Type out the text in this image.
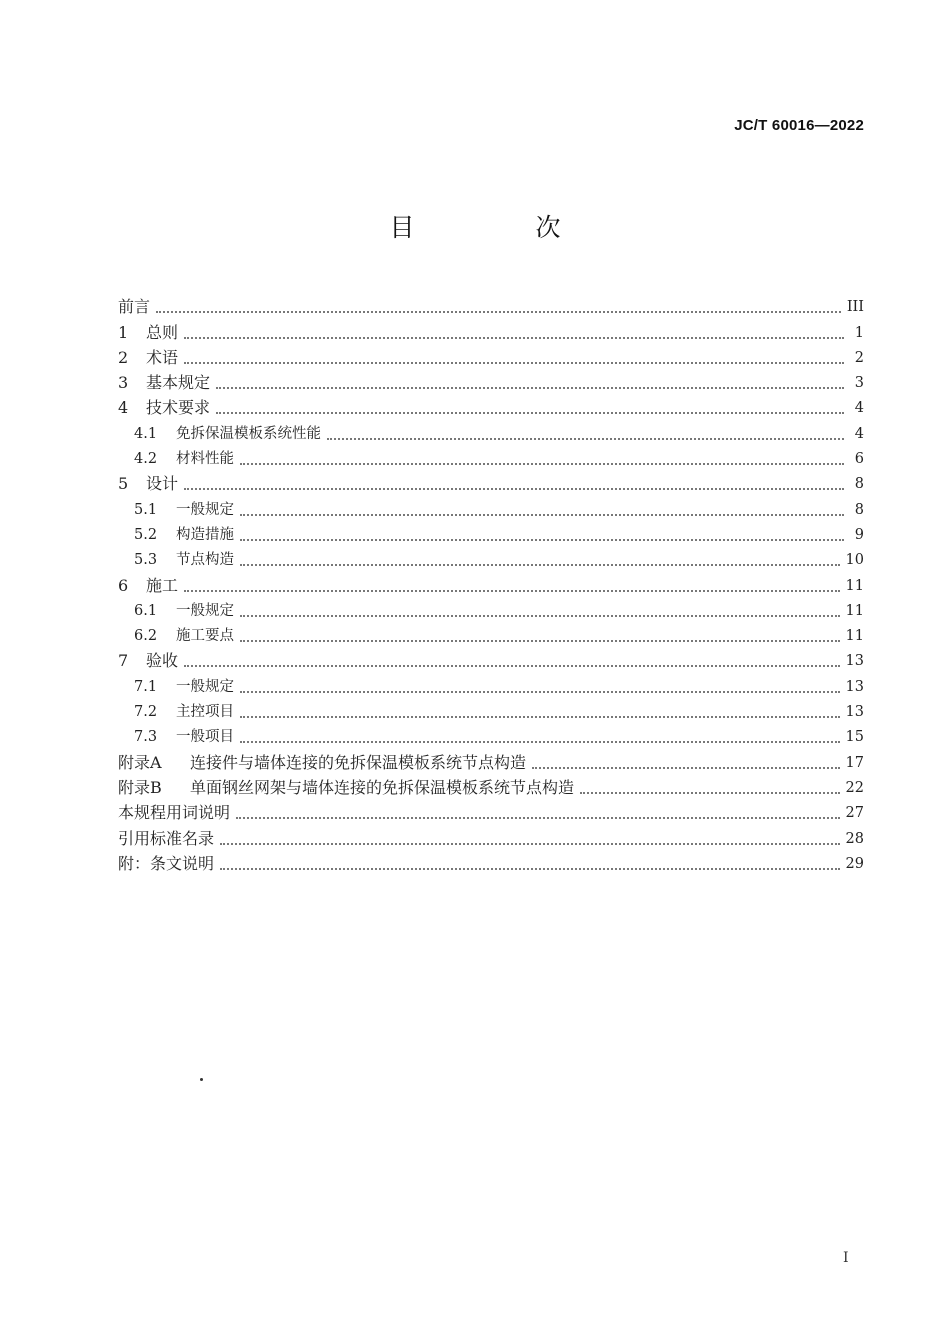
JC/T 60016—2022
目　次
前言	III
1	总则	1
2	术语	2
3	基本规定	3
4	技术要求	4
4.1	免拆保温模板系统性能	4
4.2	材料性能	6
5	设计	8
5.1	一般规定	8
5.2	构造措施	9
5.3	节点构造	10
6	施工	11
6.1	一般规定	11
6.2	施工要点	11
7	验收	13
7.1	一般规定	13
7.2	主控项目	13
7.3	一般项目	15
附录A	连接件与墙体连接的免拆保温模板系统节点构造	17
附录B	单面钢丝网架与墙体连接的免拆保温模板系统节点构造	22
本规程用词说明	27
引用标准名录	28
附：条文说明	29
I
